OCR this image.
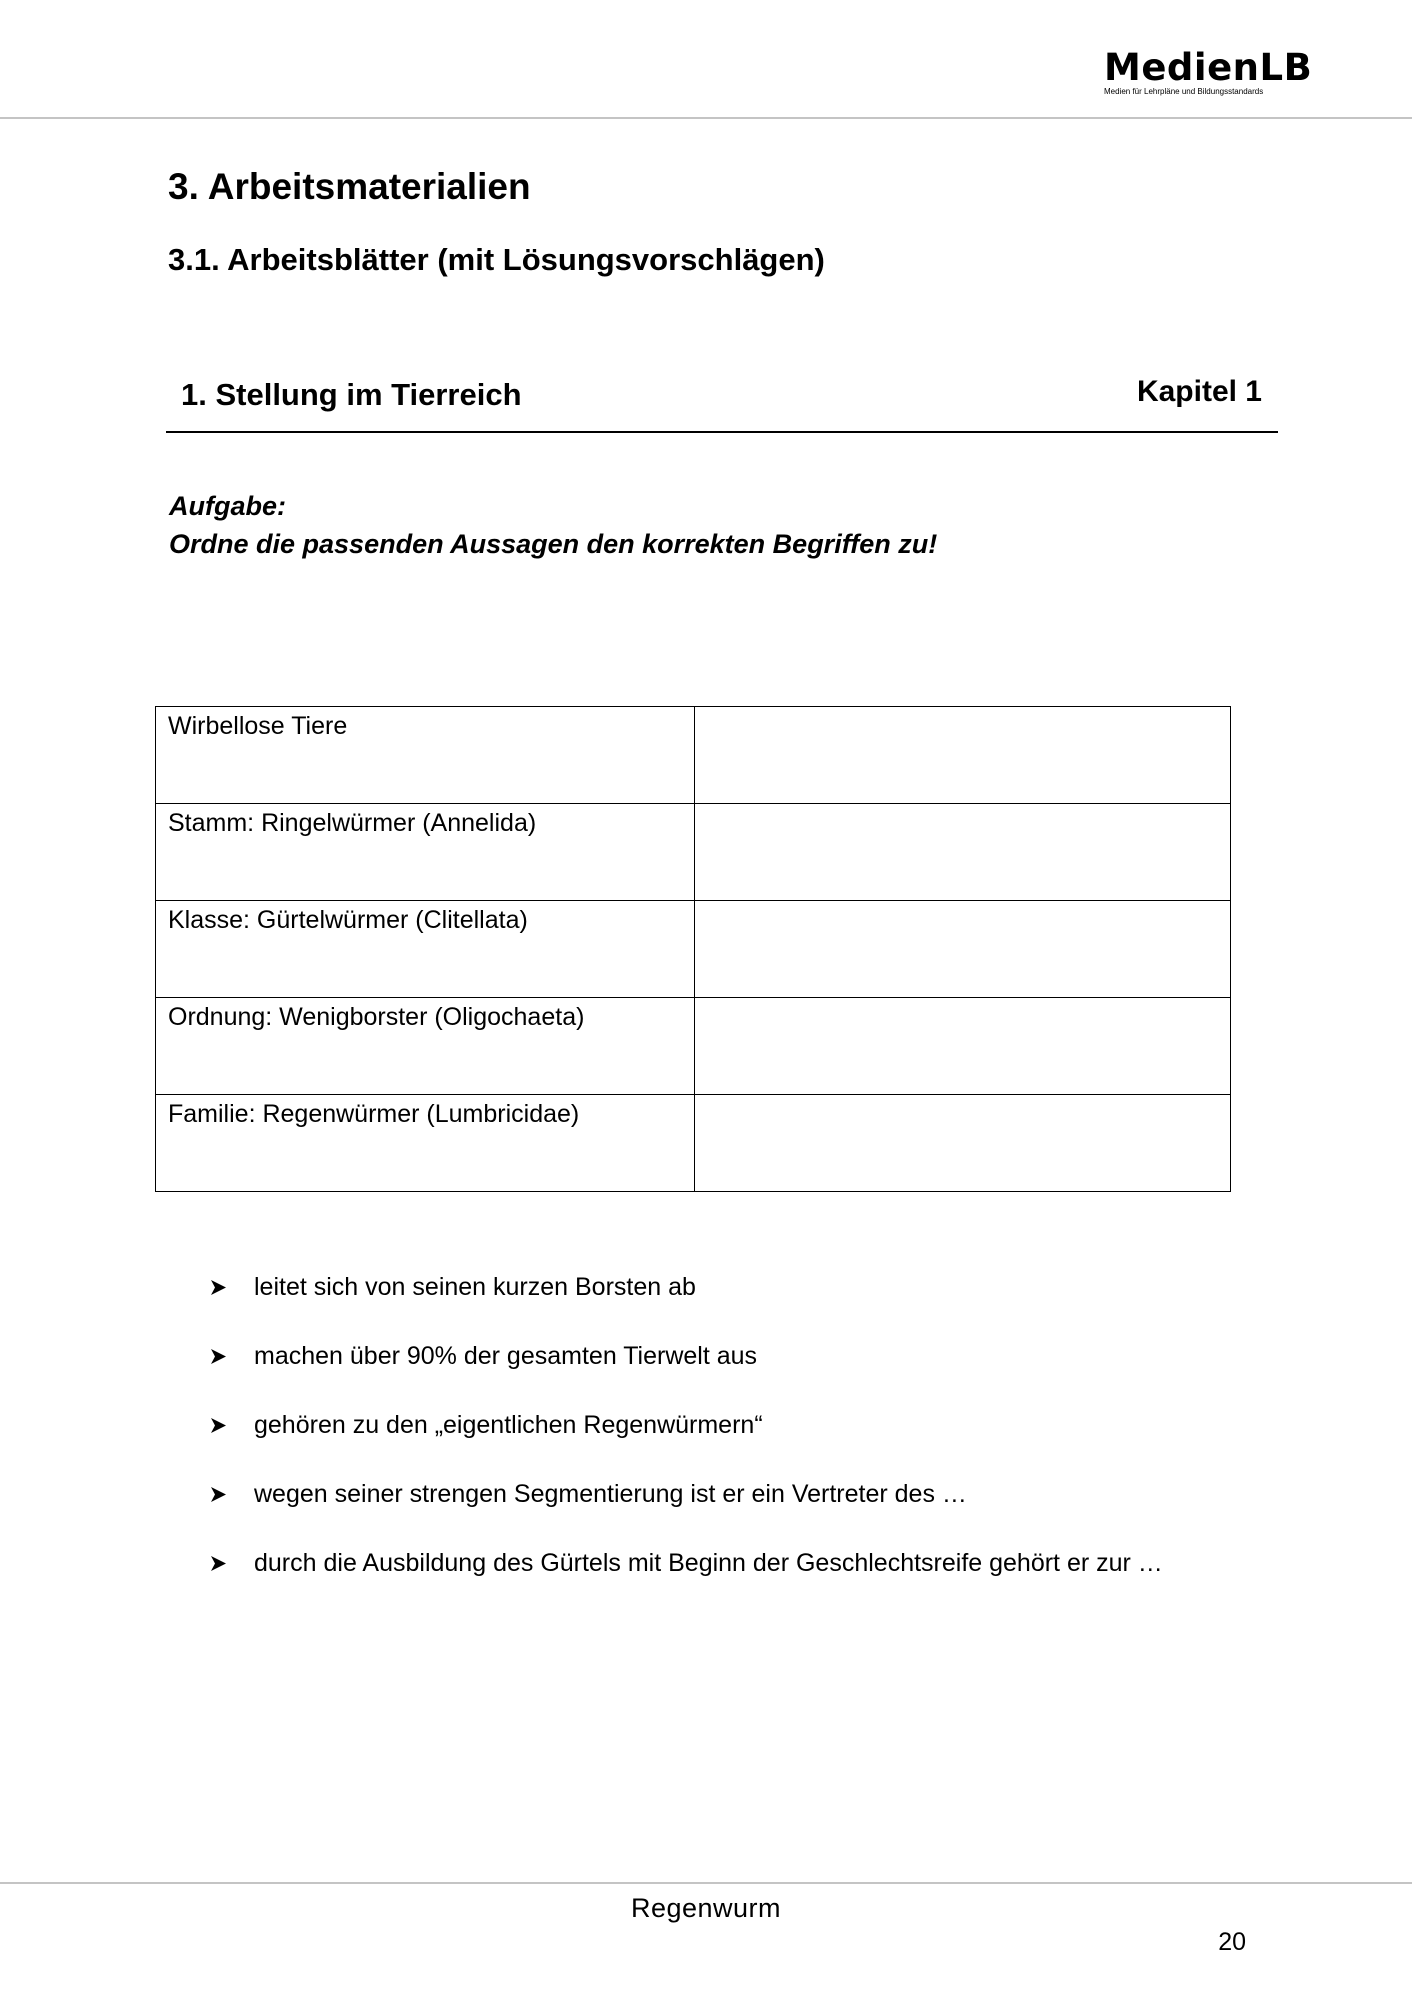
MedienLB
Medien für Lehrpläne und Bildungsstandards
3. Arbeitsmaterialien
3.1. Arbeitsblätter (mit Lösungsvorschlägen)
1. Stellung im Tierreich	Kapitel 1
Aufgabe:
Ordne die passenden Aussagen den korrekten Begriffen zu!
Wirbellose Tiere	
Stamm: Ringelwürmer (Annelida)	
Klasse: Gürtelwürmer (Clitellata)	
Ordnung: Wenigborster (Oligochaeta)	
Familie: Regenwürmer (Lumbricidae)	
leitet sich von seinen kurzen Borsten ab
machen über 90% der gesamten Tierwelt aus
gehören zu den „eigentlichen Regenwürmern“
wegen seiner strengen Segmentierung ist er ein Vertreter des …
durch die Ausbildung des Gürtels mit Beginn der Geschlechtsreife gehört er zur …
Regenwurm
20
